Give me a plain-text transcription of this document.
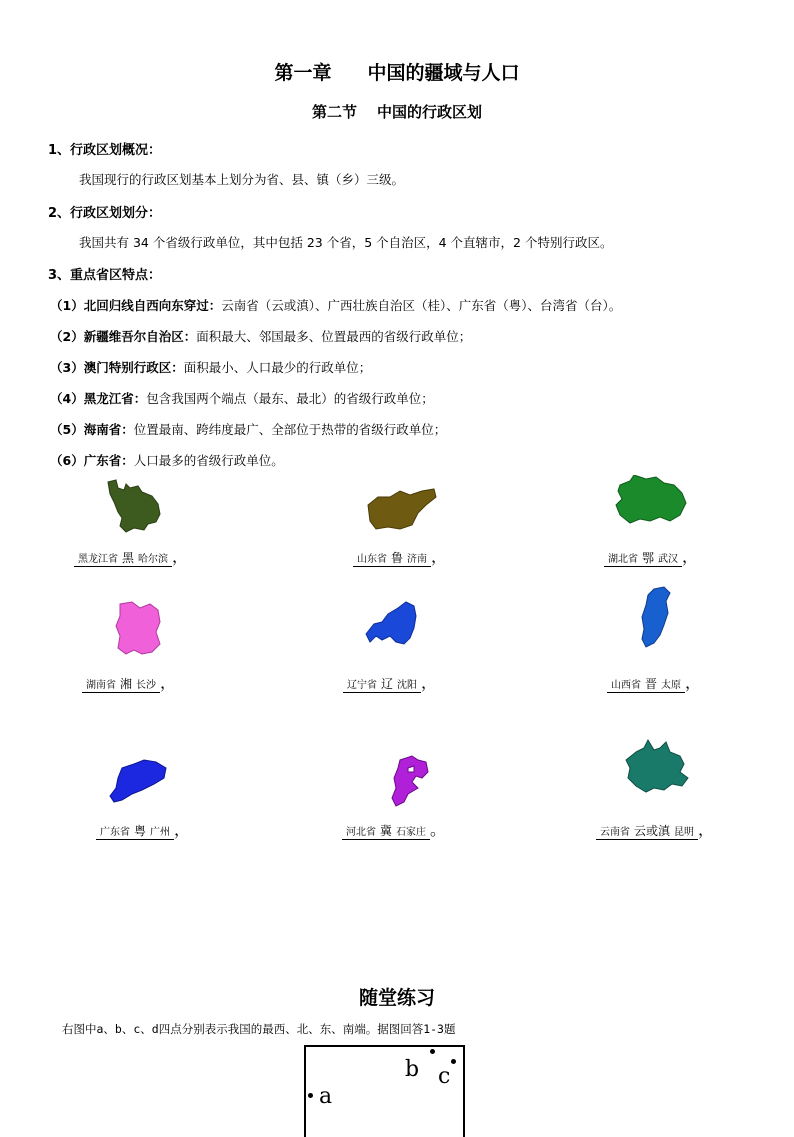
第一章 中国的疆域与人口
第二节 中国的行政区划
1、行政区划概况：
我国现行的行政区划基本上划分为省、县、镇（乡）三级。
2、行政区划划分：
我国共有 34 个省级行政单位，其中包括 23 个省，5 个自治区，4 个直辖市，2 个特别行政区。
3、重点省区特点：
（1）北回归线自西向东穿过：云南省（云或滇）、广西壮族自治区（桂）、广东省（粤）、台湾省（台）。
（2）新疆维吾尔自治区：面积最大、邻国最多、位置最西的省级行政单位；
（3）澳门特别行政区：面积最小、人口最少的行政单位；
（4）黑龙江省：包含我国两个端点（最东、最北）的省级行政单位；
（5）海南省：位置最南、跨纬度最广、全部位于热带的省级行政单位；
（6）广东省：人口最多的省级行政单位。
黑龙江省 黑 哈尔滨 ，	山东省 鲁 济南 ，	湖北省 鄂 武汉 ，
湖南省 湘 长沙 ，	辽宁省 辽 沈阳 ，	山西省 晋 太原 ，
广东省 粤 广州 ，	河北省 冀 石家庄 。	云南省 云或滇 昆明 ，
随堂练习
右图中a、b、c、d四点分别表示我国的最西、北、东、南端。据图回答1-3题
a
b c
